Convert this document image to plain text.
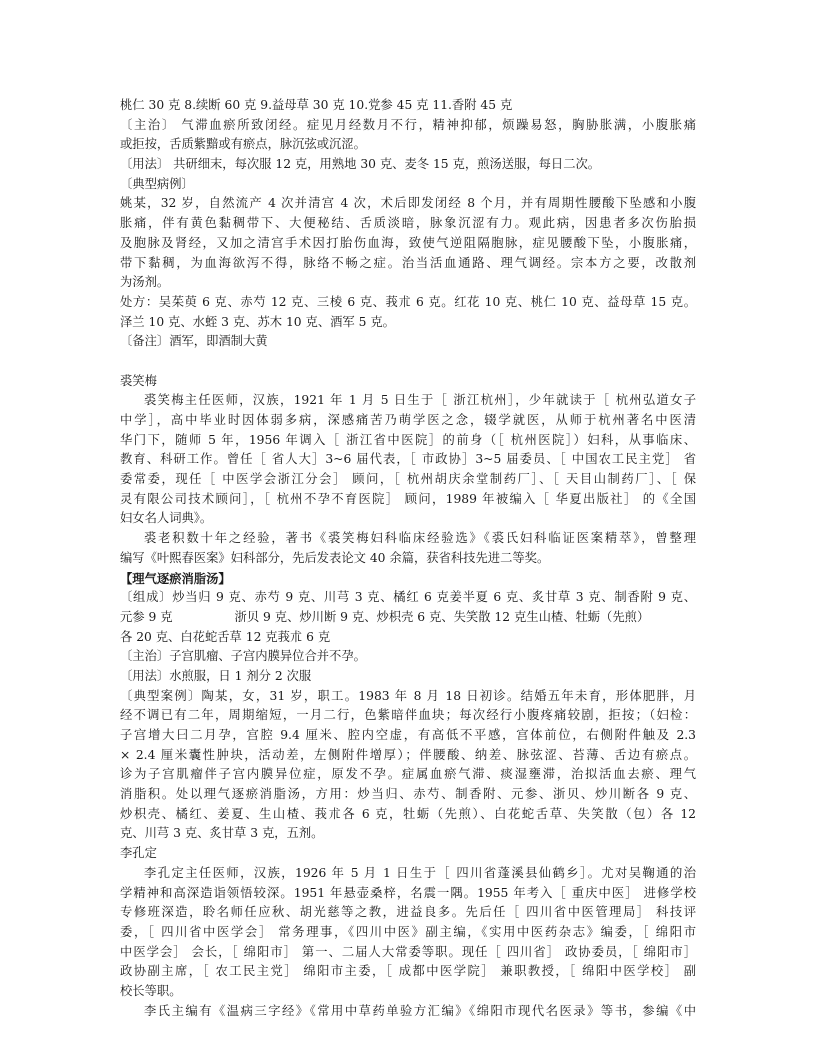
桃仁 30 克 8.续断 60 克 9.益母草 30 克 10.党参 45 克 11.香附 45 克
〔主治〕 气滞血瘀所致闭经。症见月经数月不行，精神抑郁，烦躁易怒，胸胁胀满，小腹胀痛
或拒按，舌质紫黯或有瘀点，脉沉弦或沉涩。
〔用法〕 共研细末，每次服 12 克，用熟地 30 克、麦冬 15 克，煎汤送服，每日二次。
〔典型病例〕
姚某，32 岁，自然流产 4 次并清宫 4 次，术后即发闭经 8 个月，并有周期性腰酸下坠感和小腹
胀痛，伴有黄色黏稠带下、大便秘结、舌质淡暗，脉象沉涩有力。观此病，因患者多次伤胎损
及胞脉及肾经，又加之清宫手术因打胎伤血海，致使气逆阻隔胞脉，症见腰酸下坠，小腹胀痛，
带下黏稠，为血海欲泻不得，脉络不畅之症。治当活血通路、理气调经。宗本方之要，改散剂
为汤剂。
处方：吴茱萸 6 克、赤芍 12 克、三棱 6 克、莪朮 6 克。红花 10 克、桃仁 10 克、益母草 15 克。
泽兰 10 克、水蛭 3 克、苏木 10 克、酒军 5 克。
〔备注〕酒军，即酒制大黄
裘笑梅
裘笑梅主任医师，汉族，1921 年 1 月 5 日生于［ 浙江杭州］，少年就读于［ 杭州弘道女子
中学］，高中毕业时因体弱多病，深感痛苦乃萌学医之念，辍学就医，从师于杭州著名中医清
华门下，随师 5 年，1956 年调入［ 浙江省中医院］的前身（［ 杭州医院］）妇科，从事临床、
教育、科研工作。曾任［ 省人大］3~6 届代表，［ 市政协］3~5 届委员、［ 中国农工民主党］ 省
委常委，现任［ 中医学会浙江分会］ 顾问，［ 杭州胡庆余堂制药厂］、［ 天目山制药厂］、［ 保
灵有限公司技术顾问］，［ 杭州不孕不育医院］ 顾问，1989 年被编入［ 华夏出版社］ 的《全国
妇女名人词典》。
裘老积数十年之经验，著书《裘笑梅妇科临床经验选》《裘氏妇科临证医案精萃》，曾整理
编写《叶熙春医案》妇科部分，先后发表论文 40 余篇，获省科技先进二等奖。
【理气逐瘀消脂汤】
〔组成〕炒当归 9 克、赤芍 9 克、川芎 3 克、橘红 6 克姜半夏 6 克、炙甘草 3 克、制香附 9 克、
元参 9 克	浙贝 9 克、炒川断 9 克、炒枳壳 6 克、失笑散 12 克生山楂、牡蛎（先煎）
各 20 克、白花蛇舌草 12 克莪朮 6 克
〔主治〕子宫肌瘤、子宫内膜异位合并不孕。
〔用法〕水煎服，日 1 剂分 2 次服
〔典型案例〕陶某，女，31 岁，职工。1983 年 8 月 18 日初诊。结婚五年未育，形体肥胖，月
经不调已有二年，周期缩短，一月二行，色紫暗伴血块；每次经行小腹疼痛较剧，拒按；（妇检：
子宫增大曰二月孕，宫腔 9.4 厘米、腔内空虚，有高低不平感，宫体前位，右侧附件触及 2.3
× 2.4 厘米囊性肿块，活动差，左侧附件增厚）；伴腰酸、纳差、脉弦涩、苔薄、舌边有瘀点。
诊为子宫肌瘤伴子宫内膜异位症，原发不孕。症属血瘀气滞、痰湿壅滞，治拟活血去瘀、理气
消脂积。处以理气逐瘀消脂汤，方用：炒当归、赤芍、制香附、元参、浙贝、炒川断各 9 克、
炒枳壳、橘红、姜夏、生山楂、莪朮各 6 克，牡蛎（先煎）、白花蛇舌草、失笑散（包）各 12
克、川芎 3 克、炙甘草 3 克，五剂。
李孔定
李孔定主任医师，汉族，1926 年 5 月 1 日生于［ 四川省蓬溪县仙鹤乡］。尤对吴鞠通的治
学精神和高深造诣领悟较深。1951 年悬壶桑梓，名震一隅。1955 年考入［ 重庆中医］ 进修学校
专修班深造，聆名师任应秋、胡光慈等之教，进益良多。先后任［ 四川省中医管理局］ 科技评
委，［ 四川省中医学会］ 常务理事，《四川中医》副主编，《实用中医药杂志》编委，［ 绵阳市
中医学会］ 会长，［ 绵阳市］ 第一、二届人大常委等职。现任［ 四川省］ 政协委员，［ 绵阳市］
政协副主席，［ 农工民主党］ 绵阳市主委，［ 成都中医学院］ 兼职教授，［ 绵阳中医学校］ 副
校长等职。
李氏主编有《温病三字经》《常用中草药单验方汇编》《绵阳市现代名医录》等书，参编《中
